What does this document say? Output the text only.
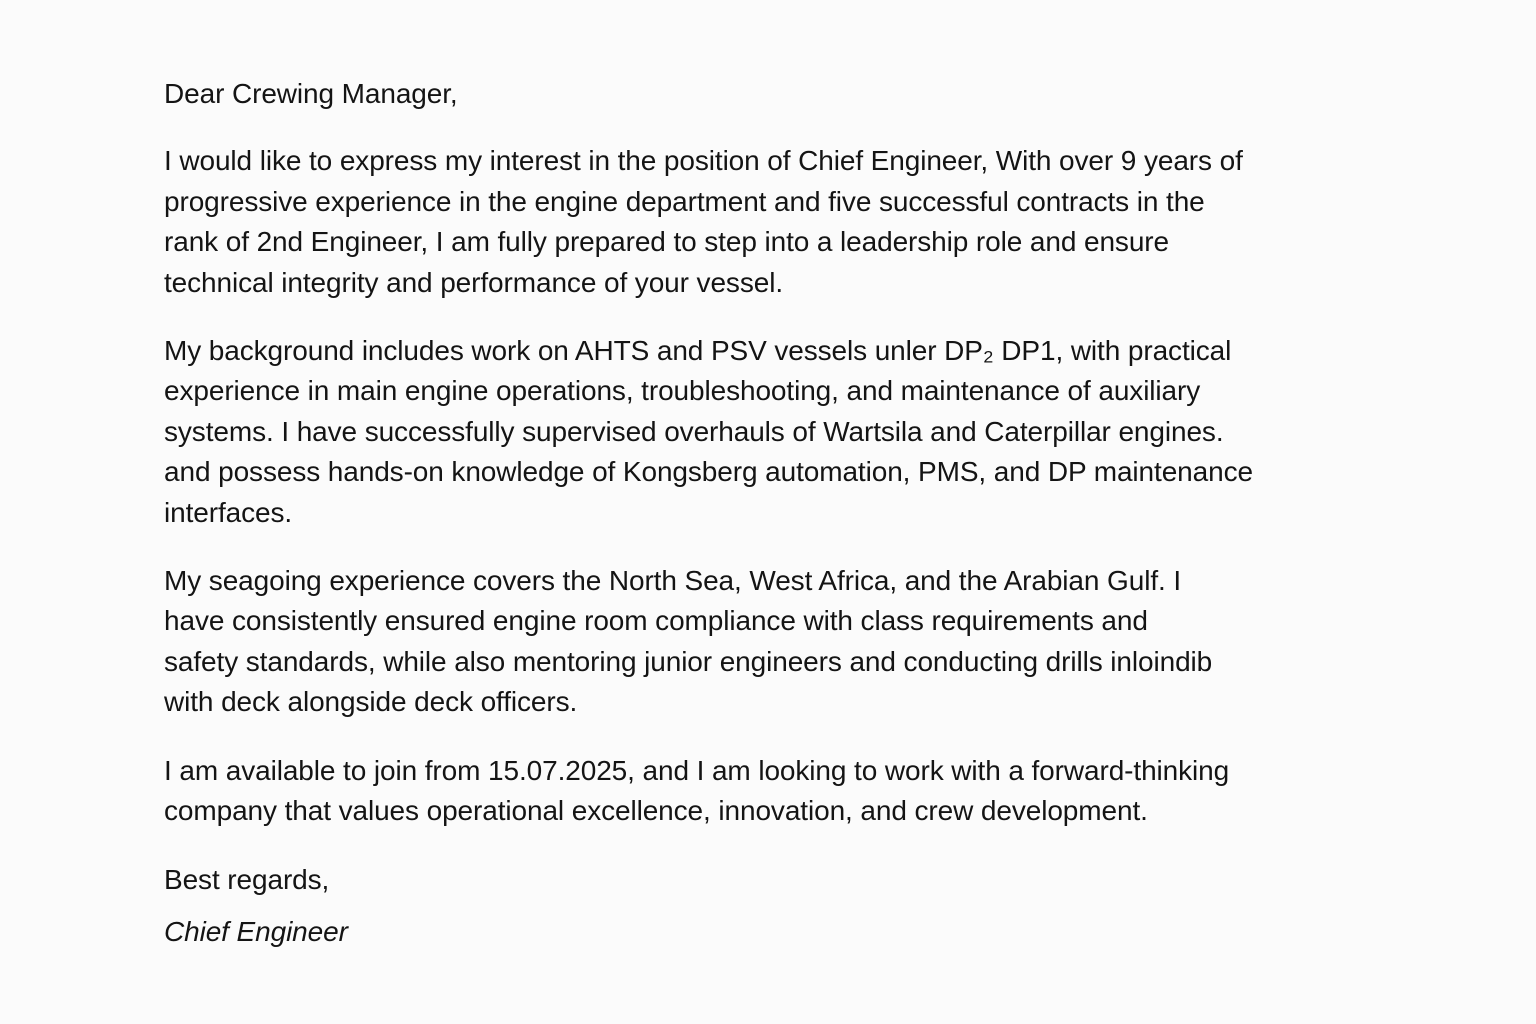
Dear Crewing Manager,
I would like to express my interest in the position of Chief Engineer, With over 9 years of
progressive experience in the engine department and five successful contracts in the
rank of 2nd Engineer, I am fully prepared to step into a leadership role and ensure
technical integrity and performance of your vessel.
My background includes work on AHTS and PSV vessels unler DP₂ DP1, with practical
experience in main engine operations, troubleshooting, and maintenance of auxiliary
systems. I have successfully supervised overhauls of Wartsila and Caterpillar engines.
and possess hands-on knowledge of Kongsberg automation, PMS, and DP maintenance
interfaces.
My seagoing experience covers the North Sea, West Africa, and the Arabian Gulf. I
have consistently ensured engine room compliance with class requirements and
safety standards, while also mentoring junior engineers and conducting drills inloindib
with deck alongside deck officers.
I am available to join from 15.07.2025, and I am looking to work with a forward-thinking
company that values operational excellence, innovation, and crew development.
Best regards,
Chief Engineer
